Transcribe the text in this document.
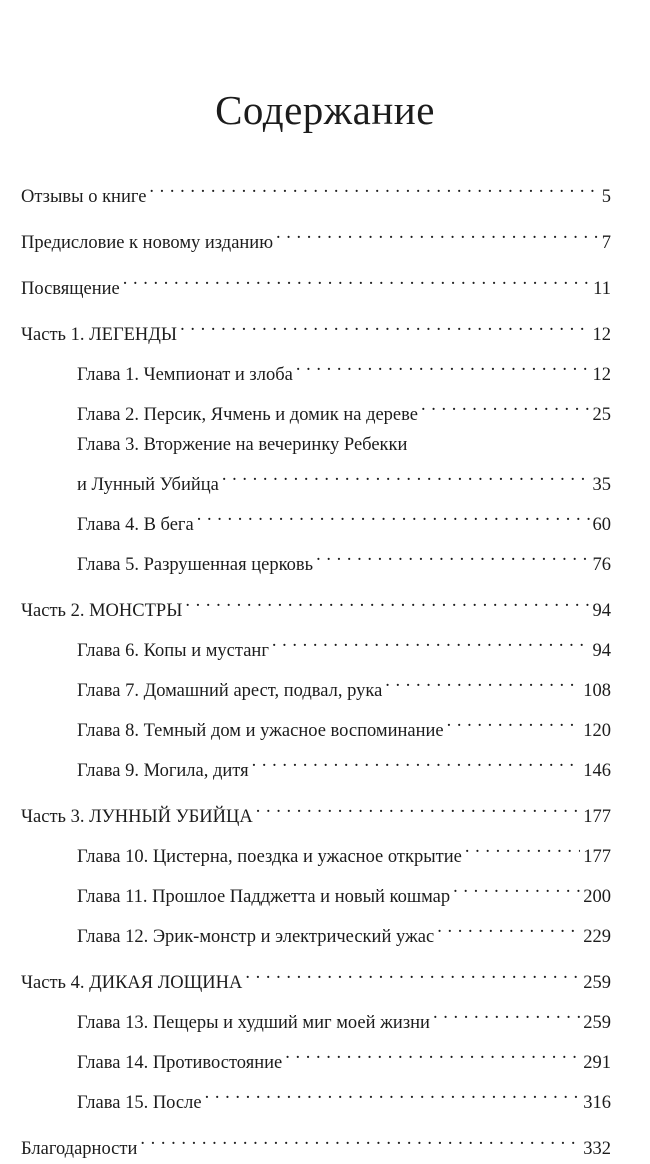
Содержание
Отзывы о книге . . .	5
Предисловие к новому изданию . . .	7
Посвящение . . .	11
Часть 1. ЛЕГЕНДЫ . . .	12
Глава 1. Чемпионат и злоба . . .	12
Глава 2. Персик, Ячмень и домик на дереве . . .	25
Глава 3. Вторжение на вечеринку Ребекки
и Лунный Убийца . . .	35
Глава 4. В бега . . .	60
Глава 5. Разрушенная церковь . . .	76
Часть 2. МОНСТРЫ . . .	94
Глава 6. Копы и мустанг . . .	94
Глава 7. Домашний арест, подвал, рука . . .	108
Глава 8. Темный дом и ужасное воспоминание . . .	120
Глава 9. Могила, дитя . . .	146
Часть 3. ЛУННЫЙ УБИЙЦА . . .	177
Глава 10. Цистерна, поездка и ужасное открытие . . .	177
Глава 11. Прошлое Падджетта и новый кошмар . . .	200
Глава 12. Эрик-монстр и электрический ужас . . .	229
Часть 4. ДИКАЯ ЛОЩИНА . . .	259
Глава 13. Пещеры и худший миг моей жизни . . .	259
Глава 14. Противостояние . . .	291
Глава 15. После . . .	316
Благодарности . . .	332
